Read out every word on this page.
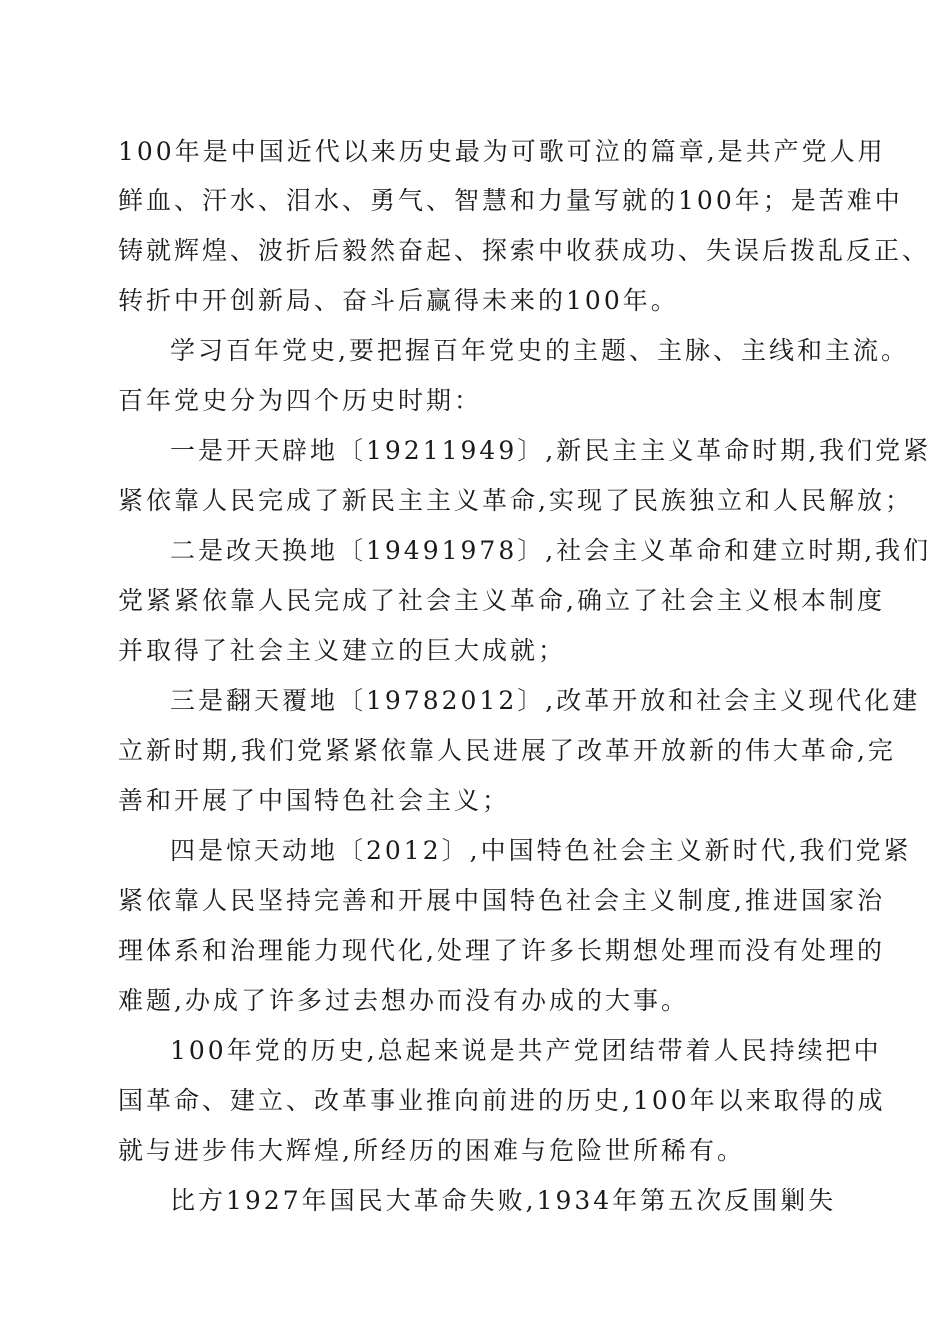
100年是中国近代以来历史最为可歌可泣的篇章,是共产党人用
鲜血、汗水、泪水、勇气、智慧和力量写就的100年；是苦难中
铸就辉煌、波折后毅然奋起、探索中收获成功、失误后拨乱反正、
转折中开创新局、奋斗后赢得未来的100年。
学习百年党史,要把握百年党史的主题、主脉、主线和主流。
百年党史分为四个历史时期：
一是开天辟地〔19211949〕,新民主主义革命时期,我们党紧
紧依靠人民完成了新民主主义革命,实现了民族独立和人民解放；
二是改天换地〔19491978〕,社会主义革命和建立时期,我们
党紧紧依靠人民完成了社会主义革命,确立了社会主义根本制度
并取得了社会主义建立的巨大成就；
三是翻天覆地〔19782012〕,改革开放和社会主义现代化建
立新时期,我们党紧紧依靠人民进展了改革开放新的伟大革命,完
善和开展了中国特色社会主义；
四是惊天动地〔2012〕,中国特色社会主义新时代,我们党紧
紧依靠人民坚持完善和开展中国特色社会主义制度,推进国家治
理体系和治理能力现代化,处理了许多长期想处理而没有处理的
难题,办成了许多过去想办而没有办成的大事。
100年党的历史,总起来说是共产党团结带着人民持续把中
国革命、建立、改革事业推向前进的历史,100年以来取得的成
就与进步伟大辉煌,所经历的困难与危险世所稀有。
比方1927年国民大革命失败,1934年第五次反围剿失
